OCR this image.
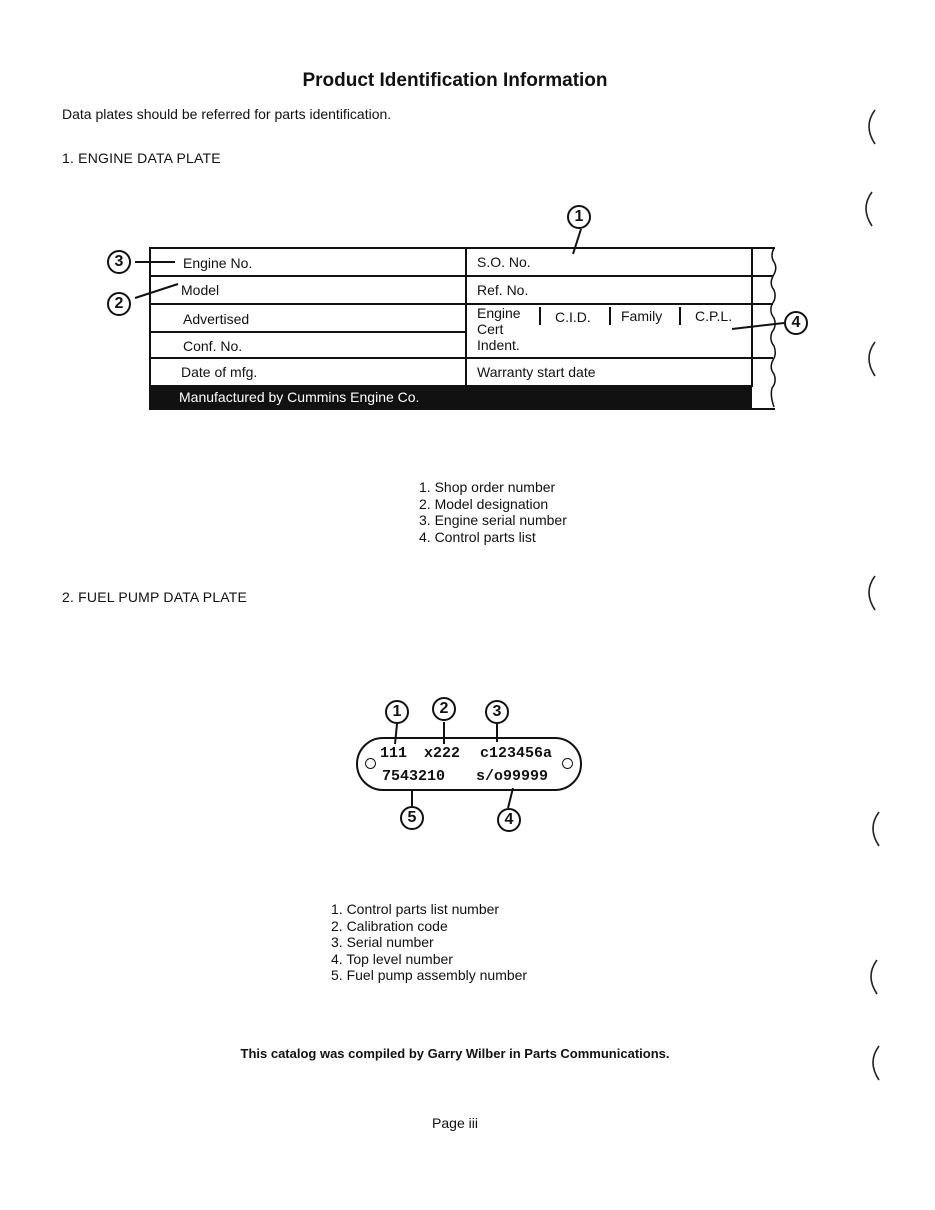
Product Identification Information
Data plates should be referred for parts identification.
1. ENGINE DATA PLATE
Engine No.
Model
Advertised
Conf. No.
Date of mfg.
S.O. No.
Ref. No.
Engine
Cert
Indent.
C.I.D. Family C.P.L.
Warranty start date
Manufactured by Cummins Engine Co.
1
2
3
4
1. Shop order number
2. Model designation
3. Engine serial number
4. Control parts list
2. FUEL PUMP DATA PLATE
111 x222 c123456a
7543210 s/o99999
1	2	3
4
5
1. Control parts list number
2. Calibration code
3. Serial number
4. Top level number
5. Fuel pump assembly number
This catalog was compiled by Garry Wilber in Parts Communications.
Page iii
